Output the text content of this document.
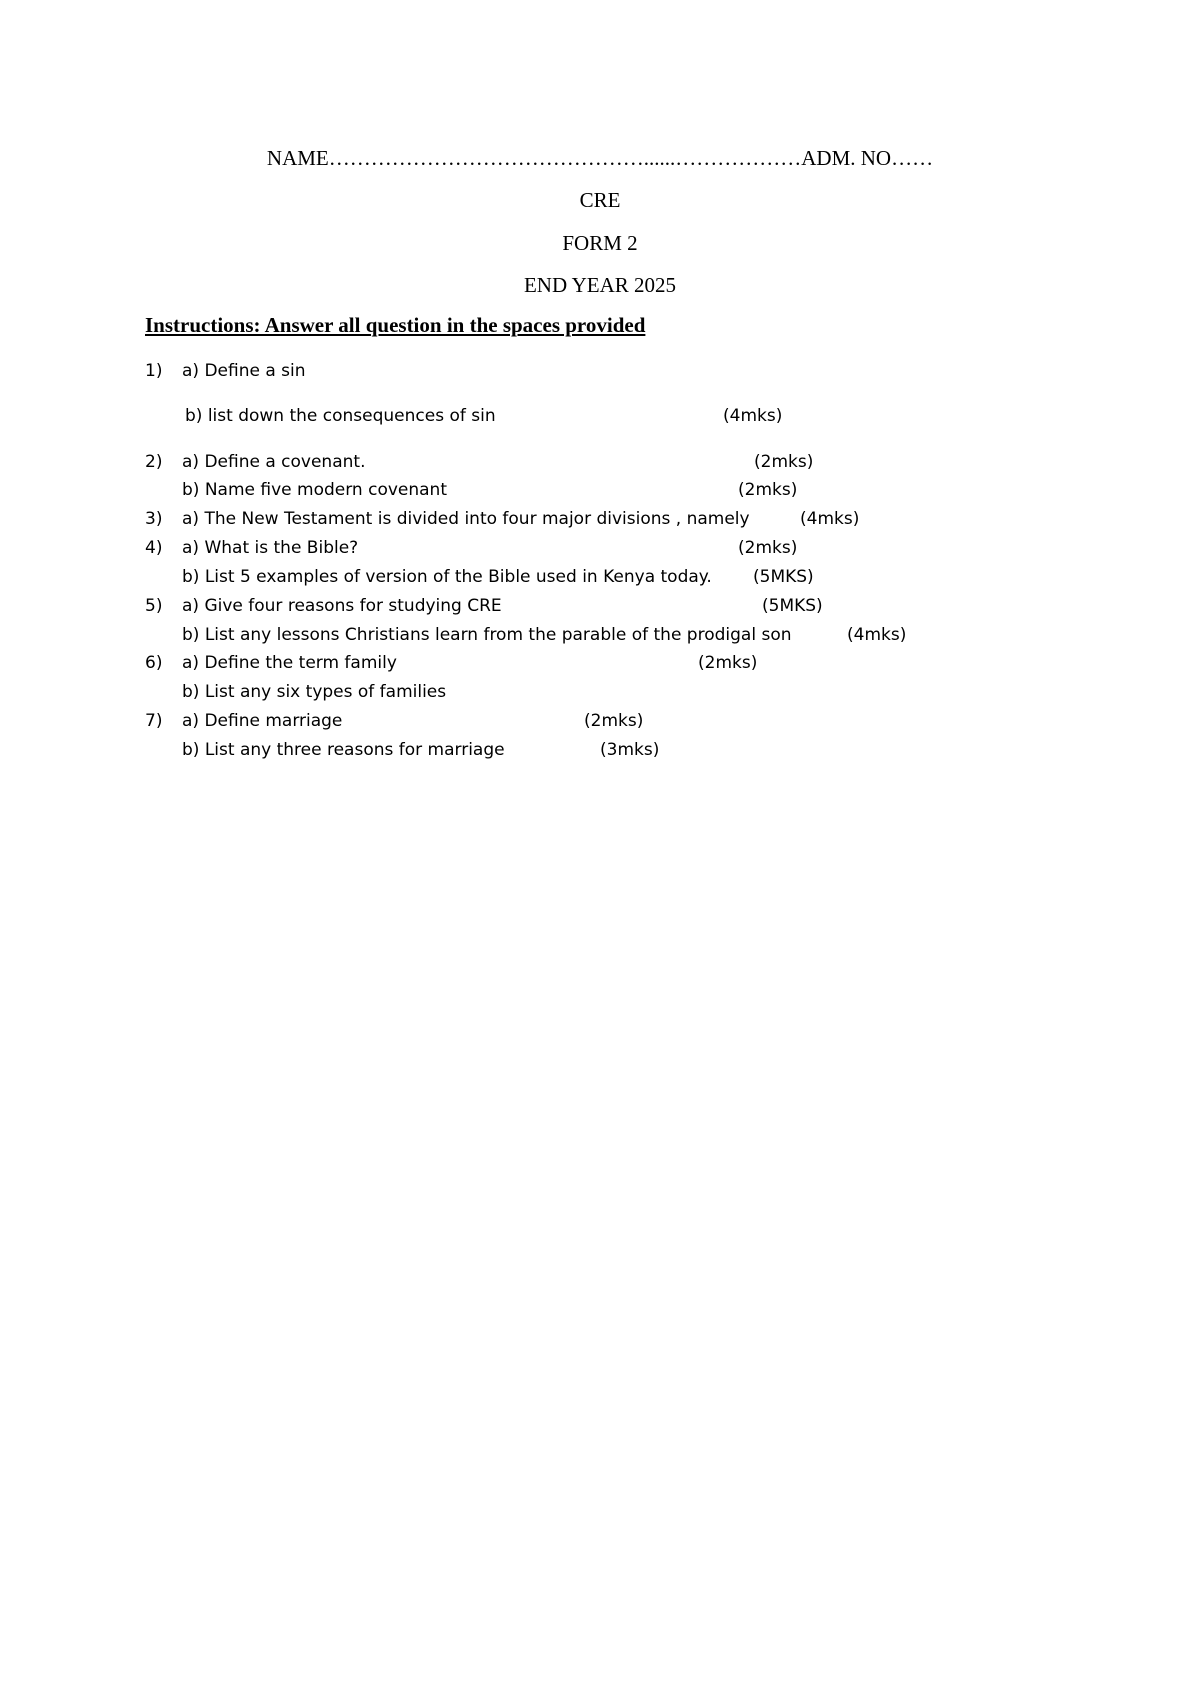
NAME………………………………………......………………ADM. NO……
CRE
FORM 2
END YEAR 2025
Instructions: Answer all question in the spaces provided
1) a) Define a sin
b) list down the consequences of sin	(4mks)
2) a) Define a covenant.	(2mks)
b) Name five modern covenant	(2mks)
3) a) The New Testament is divided into four major divisions , namely	(4mks)
4) a) What is the Bible?	(2mks)
b) List 5 examples of version of the Bible used in Kenya today. (5MKS)
5) a) Give four reasons for studying CRE	(5MKS)
b) List any lessons Christians learn from the parable of the prodigal son	(4mks)
6) a) Define the term family	(2mks)
b) List any six types of families
7) a) Define marriage	(2mks)
b) List any three reasons for marriage	(3mks)
